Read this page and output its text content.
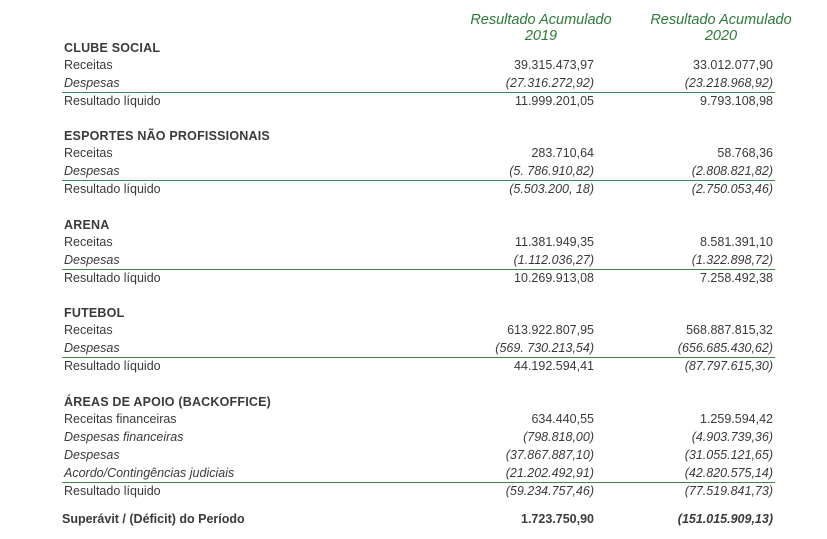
Resultado Acumulado
2019
Resultado Acumulado
2020
CLUBE SOCIAL
Receitas	39.315.473,97	33.012.077,90
Despesas	(27.316.272,92)	(23.218.968,92)
Resultado líquido	11.999.201,05	9.793.108,98
ESPORTES NÃO PROFISSIONAIS
Receitas	283.710,64	58.768,36
Despesas	(5. 786.910,82)	(2.808.821,82)
Resultado líquido	(5.503.200, 18)	(2.750.053,46)
ARENA
Receitas	11.381.949,35	8.581.391,10
Despesas	(1.112.036,27)	(1.322.898,72)
Resultado líquido	10.269.913,08	7.258.492,38
FUTEBOL
Receitas	613.922.807,95	568.887.815,32
Despesas	(569. 730.213,54)	(656.685.430,62)
Resultado líquido	44.192.594,41	(87.797.615,30)
ÁREAS DE APOIO (BACKOFFICE)
Receitas financeiras	634.440,55	1.259.594,42
Despesas financeiras	(798.818,00)	(4.903.739,36)
Despesas	(37.867.887,10)	(31.055.121,65)
Acordo/Contingências judiciais	(21.202.492,91)	(42.820.575,14)
Resultado líquido	(59.234.757,46)	(77.519.841,73)
Superávit / (Déficit) do Período	1.723.750,90	(151.015.909,13)
